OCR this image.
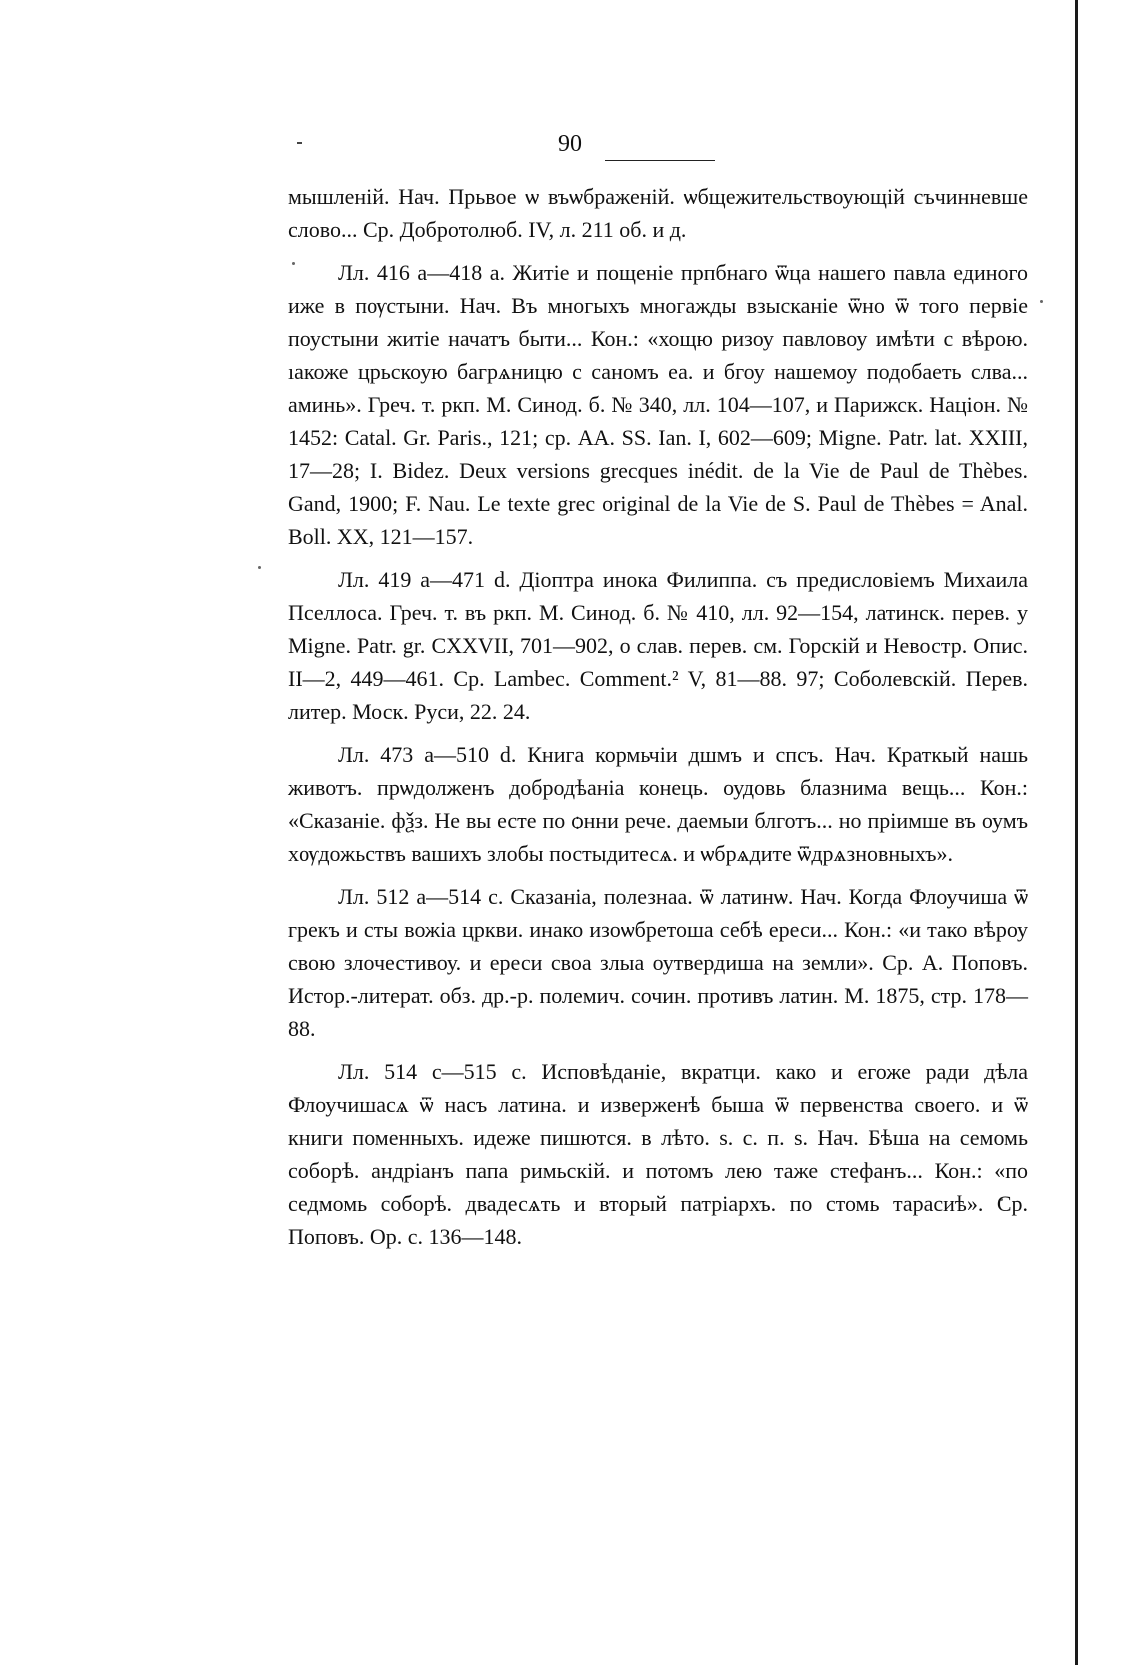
90

мышленій. Нач. Прьвое ѡ въѡбраженій. ѡбщежительствоующій съчинневше слово... Ср. Добротолюб. IV, л. 211 об. и д.

Лл. 416 а—418 а. Житіе и пощеніе прпбнаго ѿца нашего павла единого иже в пѹстыни. Нач. Въ многыхъ многажды взысканіе ѿно ѿ того первіе поустыни житіе начатъ быти... Кон.: «хощю ризоу павловоу имѣти с вѣрою. ıакоже црьскоую багрѧницю с саномъ еа. и бгоу нашемоу подобаеть слва... аминь». Греч. т. ркп. М. Синод. б. № 340, лл. 104—107, и Парижск. Націон. № 1452: Catal. Gr. Paris., 121; ср. AA. SS. Ian. I, 602—609; Migne. Patr. lat. XXIII, 17—28; I. Bidez. Deux versions grecques inédit. de la Vie de Paul de Thèbes. Gand, 1900; F. Nau. Le texte grec original de la Vie de S. Paul de Thèbes = Anal. Boll. XX, 121—157.

Лл. 419 а—471 d. Діоптра инока Филиппа. съ предисловіемъ Михаила Пселлоса. Греч. т. въ ркп. М. Синод. б. № 410, лл. 92—154, латинск. перев. у Migne. Patr. gr. CXXVII, 701—902, о слав. перев. см. Горскій и Невостр. Опис. II—2, 449—461. Ср. Lambec. Comment.² V, 81—88. 97; Соболевскій. Перев. литер. Моск. Руси, 22. 24.

Лл. 473 а—510 d. Книга кормьчіи дшмъ и спсъ. Нач. Краткый нашь животъ. прѡдолженъ добродѣаніа конець. оудовь блазнима вещь... Кон.: «Сказаніе. фѯз. Не вы есте по ѻнни рече. даемыи блготъ... но пріимше въ оумъ хѹдожьствъ вашихъ злобы постыдитесѧ. и ѡбрѧдите ѿдрѧзновныхъ».

Лл. 512 а—514 с. Сказаніа, полезнаа. ѿ латинѡ. Нач. Когда Флоучиша ѿ грекъ и сты вожіа цркви. инако изоѡбретоша себѣ ереси... Кон.: «и тако вѣроу свою злочестивоу. и ереси своа злыа оутвердиша на земли». Ср. А. Поповъ. Истор.-литерат. обз. др.-р. полемич. сочин. противъ латин. М. 1875, стр. 178—88.

Лл. 514 с—515 с. Исповѣданіе, вкратци. како и егоже ради дѣла Флоучишасѧ ѿ насъ латина. и изверженѣ быша ѿ первенства своего. и ѿ книги поменныхъ. идеже пишются. в лѣто. ѕ. с. п. ѕ. Нач. Бѣша на семомь соборѣ. андріанъ папа римьскій. и потомъ лею таже стефанъ... Кон.: «по седмомь соборѣ. двадесѧть и вторый патріархъ. по стомь тарасиѣ». Ср. Поповъ. Ор. с. 136—148.
